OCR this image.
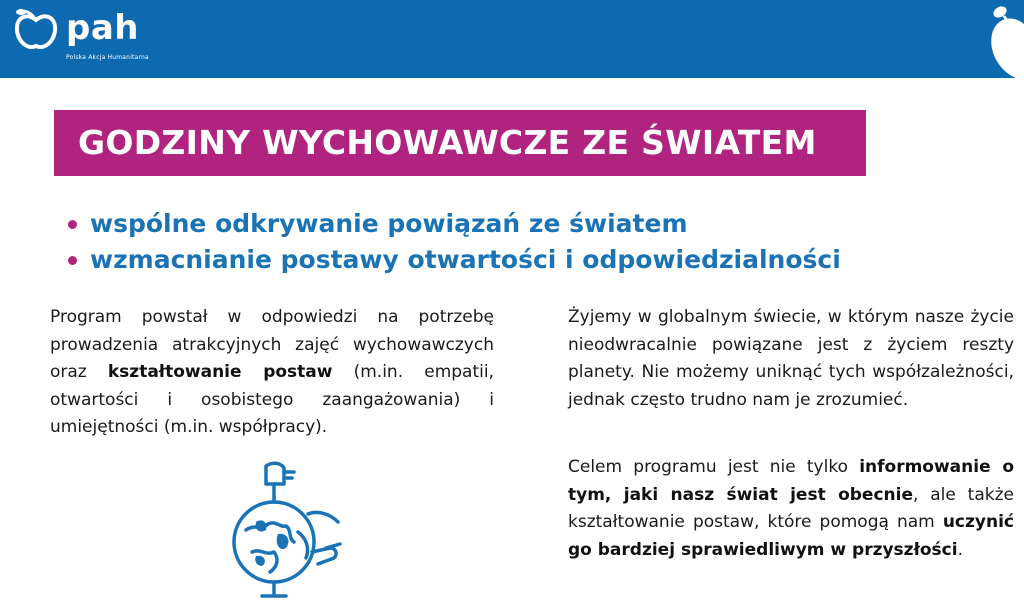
pah
Polska Akcja Humanitarna
GODZINY WYCHOWAWCZE ZE ŚWIATEM
wspólne odkrywanie powiązań ze światem
wzmacnianie postawy otwartości i odpowiedzialności

Program powstał w odpowiedzi na potrzebę prowadzenia atrakcyjnych zajęć wychowawczych oraz kształtowanie postaw (m.in. empatii, otwartości i osobistego zaangażowania) i umiejętności (m.in. współpracy).

Żyjemy w globalnym świecie, w którym nasze życie nieodwracalnie powiązane jest z życiem reszty planety. Nie możemy uniknąć tych współzależności, jednak często trudno nam je zrozumieć.

Celem programu jest nie tylko informowanie o tym, jaki nasz świat jest obecnie, ale także kształtowanie postaw, które pomogą nam uczynić go bardziej sprawiedliwym w przyszłości.
